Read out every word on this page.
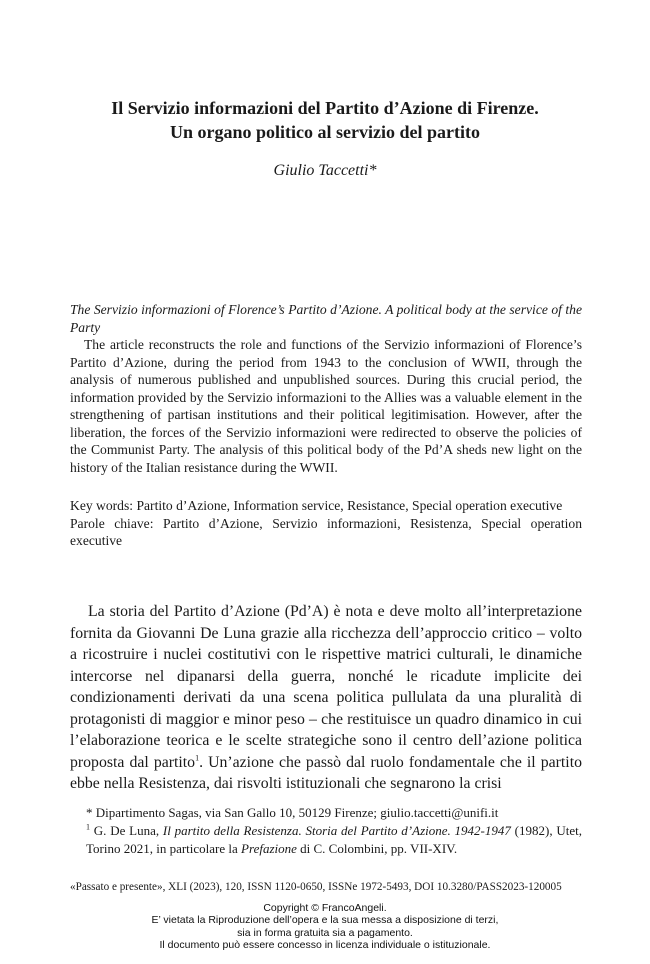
Il Servizio informazioni del Partito d’Azione di Firenze.
Un organo politico al servizio del partito
Giulio Taccetti*
The Servizio informazioni of Florence’s Partito d’Azione. A political body at the service of the Party
The article reconstructs the role and functions of the Servizio informazioni of Florence’s Partito d’Azione, during the period from 1943 to the conclusion of WWII, through the analysis of numerous published and unpublished sources. During this crucial period, the information provided by the Servizio informazioni to the Allies was a valuable element in the strengthening of partisan institutions and their political legitimisation. However, after the liberation, the forces of the Servizio informazioni were redirected to observe the policies of the Communist Party. The analysis of this political body of the Pd’A sheds new light on the history of the Italian resistance during the WWII.
Key words: Partito d’Azione, Information service, Resistance, Special operation executive
Parole chiave: Partito d’Azione, Servizio informazioni, Resistenza, Special operation executive
La storia del Partito d’Azione (Pd’A) è nota e deve molto all’interpretazione fornita da Giovanni De Luna grazie alla ricchezza dell’approccio critico – volto a ricostruire i nuclei costitutivi con le rispettive matrici culturali, le dinamiche intercorse nel dipanarsi della guerra, nonché le ricadute implicite dei condizionamenti derivati da una scena politica pullulata da una pluralità di protagonisti di maggior e minor peso – che restituisce un quadro dinamico in cui l’elaborazione teorica e le scelte strategiche sono il centro dell’azione politica proposta dal partito$^1$. Un’azione che passò dal ruolo fondamentale che il partito ebbe nella Resistenza, dai risvolti istituzionali che segnarono la crisi
* Dipartimento Sagas, via San Gallo 10, 50129 Firenze; giulio.taccetti@unifi.it
$^1$ G. De Luna, Il partito della Resistenza. Storia del Partito d’Azione. 1942-1947 (1982), Utet, Torino 2021, in particolare la Prefazione di C. Colombini, pp. VII-XIV.
«Passato e presente», XLI (2023), 120, ISSN 1120-0650, ISSNe 1972-5493, DOI 10.3280/PASS2023-120005
Copyright © FrancoAngeli.
E’ vietata la Riproduzione dell’opera e la sua messa a disposizione di terzi,
sia in forma gratuita sia a pagamento.
Il documento può essere concesso in licenza individuale o istituzionale.
